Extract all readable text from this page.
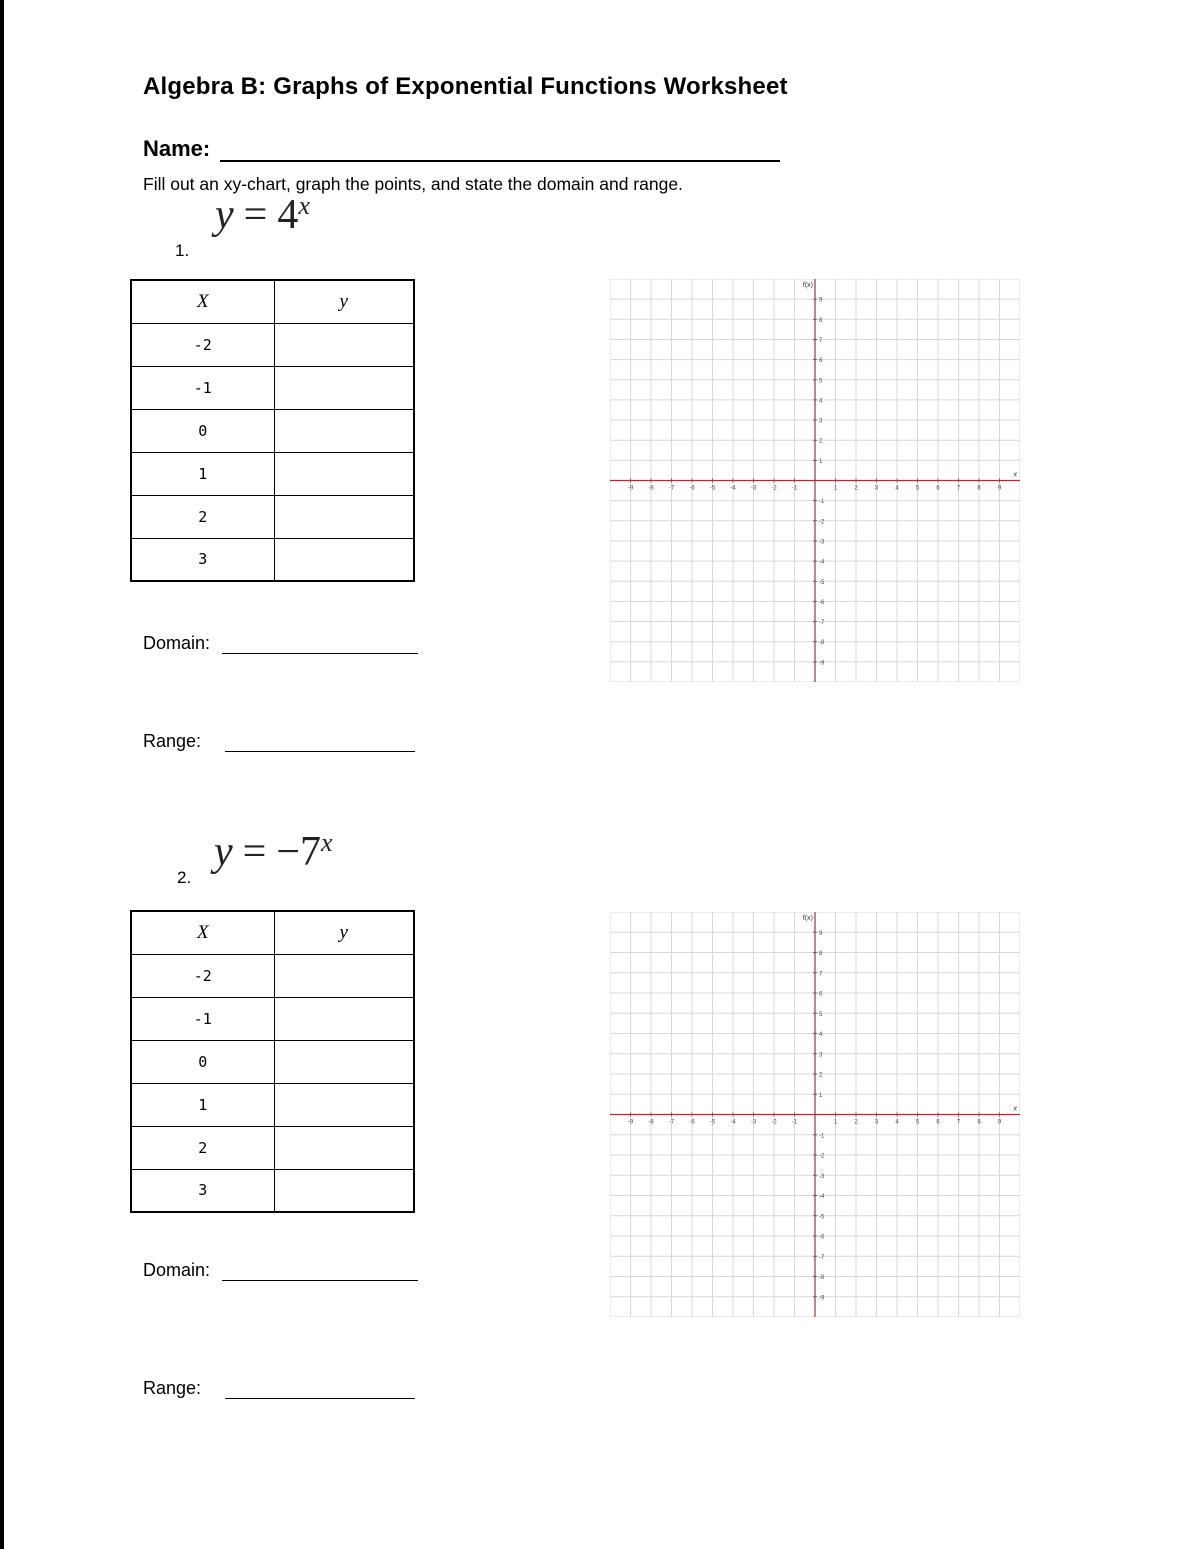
Algebra B: Graphs of Exponential Functions Worksheet
Name:
Fill out an xy-chart, graph the points, and state the domain and range.
1.
$y = 4^x$
X	y
-2	
-1	
0	
1	
2	
3	
-9	-8	-7	-6	-5	-4	-3	-2	-1	1	2	3	4	5	6	7	8	9
9
8
7
6
5
4
3
2
1
-1
-2
-3
-4
-5
-6
-7
-8
-9
f(x)
x
Domain:
Range:
2.
$y = -7^x$
X	y
-2	
-1	
0	
1	
2	
3	
-9	-8	-7	-6	-5	-4	-3	-2	-1	1	2	3	4	5	6	7	8	9
9
8
7
6
5
4
3
2
1
-1
-2
-3
-4
-5
-6
-7
-8
-9
f(x)
x
Domain:
Range:
